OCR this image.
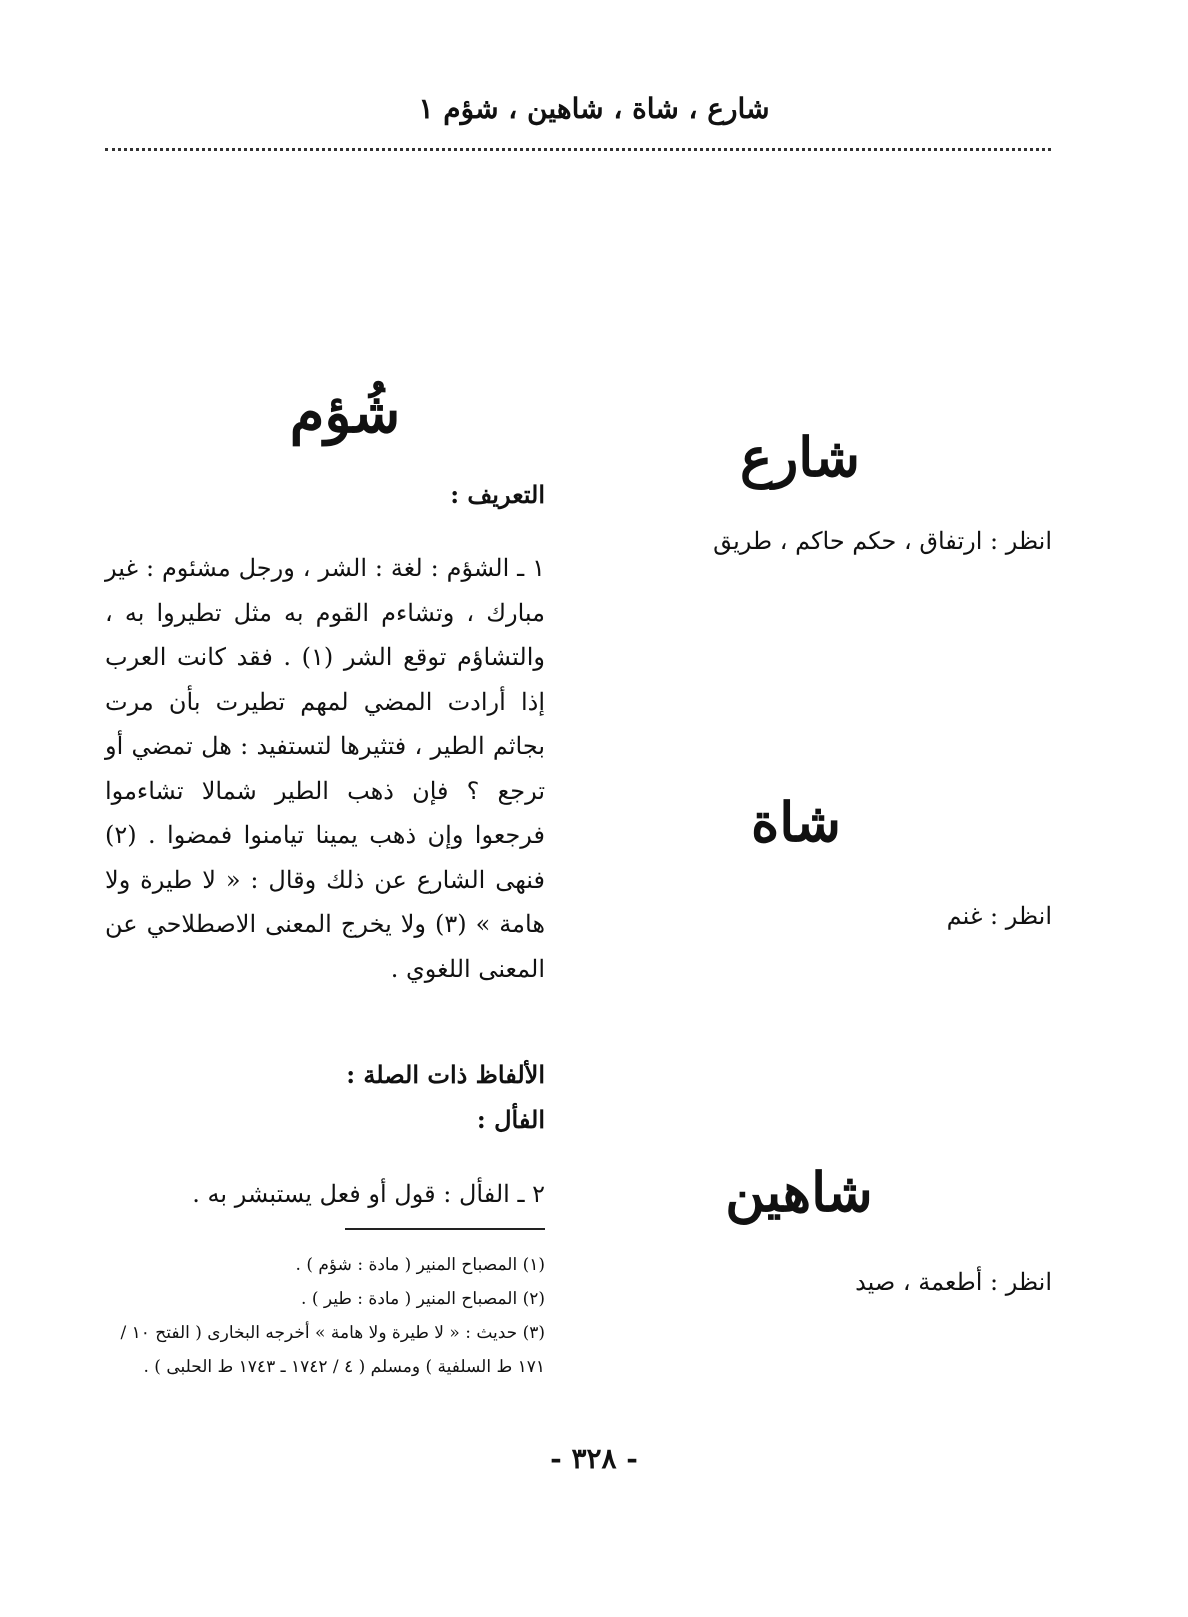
شارع ، شاة ، شاهين ، شؤم ١
شارع
انظر : ارتفاق ، حكم حاكم ، طريق
شاة
انظر : غنم
شاهين
انظر : أطعمة ، صيد
شُؤم
التعريف :
١ ـ الشؤم : لغة : الشر ، ورجل مشئوم : غير مبارك ، وتشاءم القوم به مثل تطيروا به ، والتشاؤم توقع الشر (١) . فقد كانت العرب إذا أرادت المضي لمهم تطيرت بأن مرت بجاثم الطير ، فتثيرها لتستفيد : هل تمضي أو ترجع ؟ فإن ذهب الطير شمالا تشاءموا فرجعوا وإن ذهب يمينا تيامنوا فمضوا . (٢) فنهى الشارع عن ذلك وقال : « لا طيرة ولا هامة » (٣) ولا يخرج المعنى الاصطلاحي عن المعنى اللغوي .
الألفاظ ذات الصلة :
الفأل :
٢ ـ الفأل : قول أو فعل يستبشر به .

(١) المصباح المنير ( مادة : شؤم ) .

(٢) المصباح المنير ( مادة : طير ) .

(٣) حديث : « لا طيرة ولا هامة » أخرجه البخارى ( الفتح ١٠ / ١٧١ ط السلفية ) ومسلم ( ٤ / ١٧٤٢ ـ ١٧٤٣ ط الحلبى ) .

- ٣٢٨ -
